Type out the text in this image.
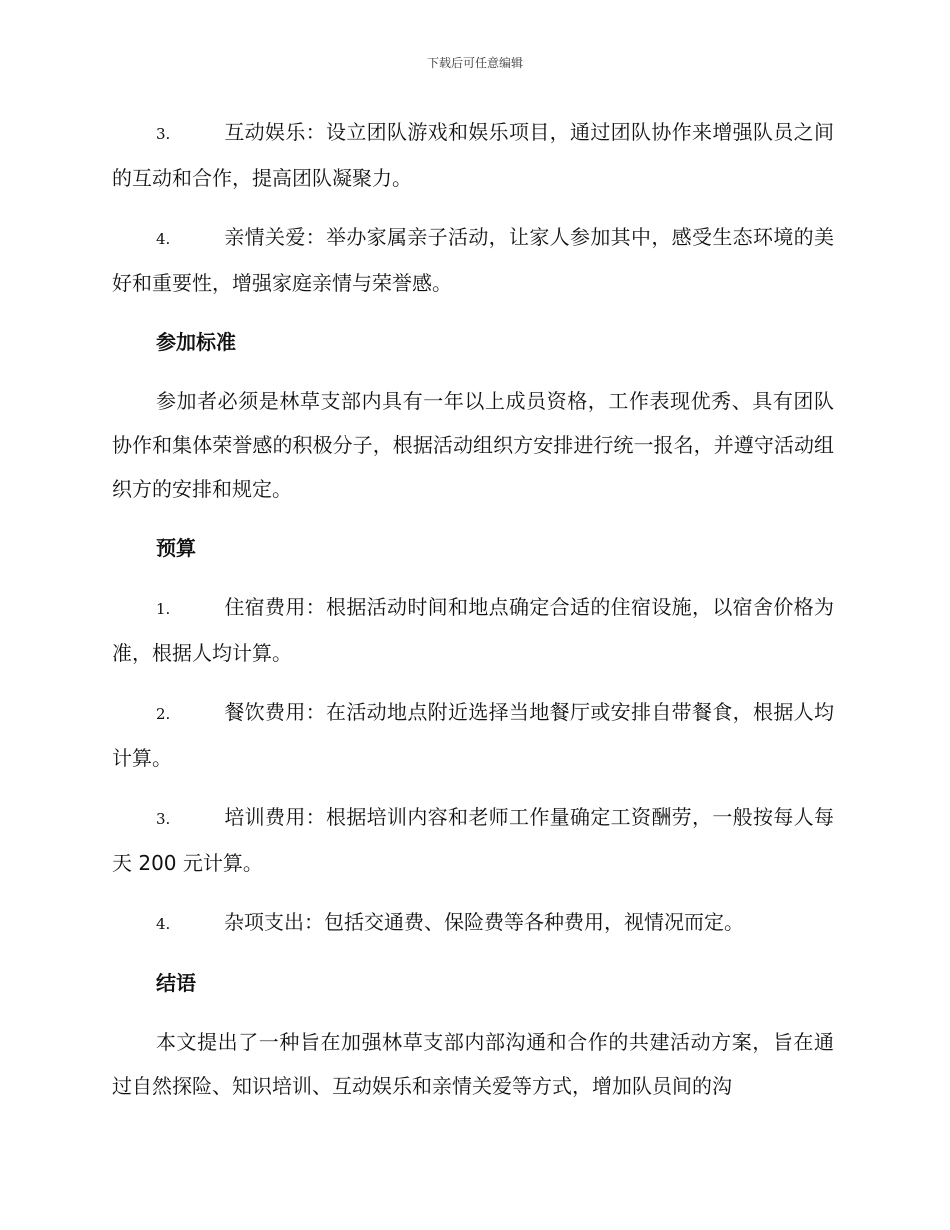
下载后可任意编辑
3.	互动娱乐：设立团队游戏和娱乐项目，通过团队协作来增强队员之间的互动和合作，提高团队凝聚力。
4.	亲情关爱：举办家属亲子活动，让家人参加其中，感受生态环境的美好和重要性，增强家庭亲情与荣誉感。
参加标准
参加者必须是林草支部内具有一年以上成员资格，工作表现优秀、具有团队协作和集体荣誉感的积极分子，根据活动组织方安排进行统一报名，并遵守活动组织方的安排和规定。
预算
1.	住宿费用：根据活动时间和地点确定合适的住宿设施，以宿舍价格为准，根据人均计算。
2.	餐饮费用：在活动地点附近选择当地餐厅或安排自带餐食，根据人均计算。
3.	培训费用：根据培训内容和老师工作量确定工资酬劳，一般按每人每天 200 元计算。
4.	杂项支出：包括交通费、保险费等各种费用，视情况而定。
结语
本文提出了一种旨在加强林草支部内部沟通和合作的共建活动方案，旨在通过自然探险、知识培训、互动娱乐和亲情关爱等方式，增加队员间的沟
